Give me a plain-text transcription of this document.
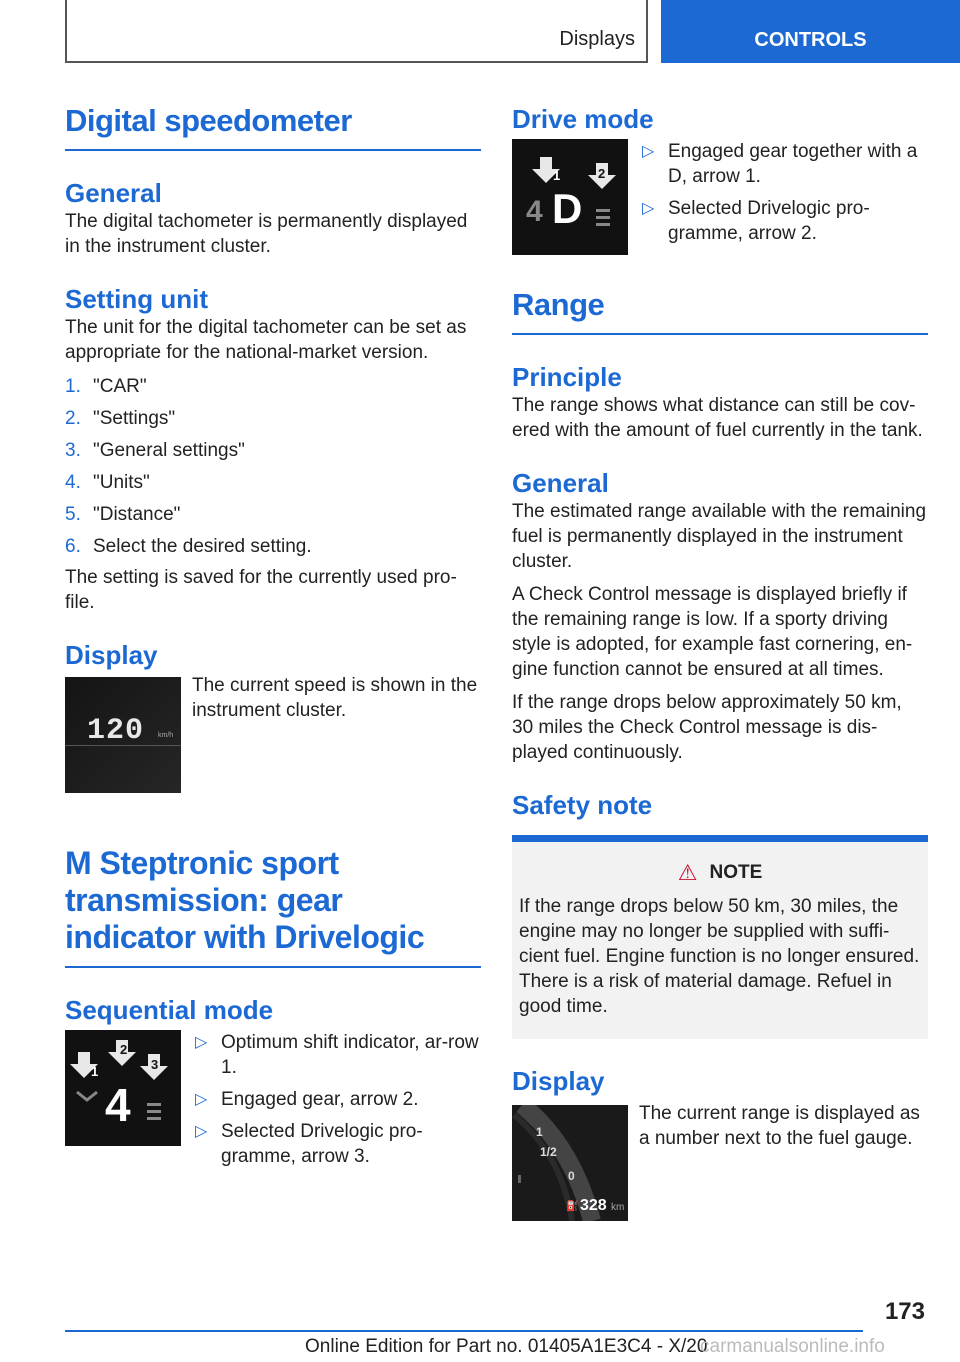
Displays	CONTROLS
Digital speedometer
General

The digital tachometer is permanently displayed in the instrument cluster.

Setting unit

The unit for the digital tachometer can be set as appropriate for the national-market version.

1. "CAR"
2. "Settings"
3. "General settings"
4. "Units"
5. "Distance"
6. Select the desired setting.

The setting is saved for the currently used pro‐file.

Display
120 km/h

The current speed is shown in the instrument cluster.

M Steptronic sport transmission: gear indicator with Drivelogic
Sequential mode
1
2
3
4
▷ Optimum shift indicator, ar‐row 1.
▷ Engaged gear, arrow 2.
▷ Selected Drivelogic pro‐gramme, arrow 3.
Drive mode
1	2
4 D
▷ Engaged gear together with a D, arrow 1.
▷ Selected Drivelogic pro‐gramme, arrow 2.
Range
Principle

The range shows what distance can still be cov‐ered with the amount of fuel currently in the tank.

General

The estimated range available with the remaining fuel is permanently displayed in the instrument cluster.

A Check Control message is displayed briefly if the remaining range is low. If a sporty driving style is adopted, for example fast cornering, en‐gine function cannot be ensured at all times.

If the range drops below approximately 50 km, 30 miles the Check Control message is dis‐played continuously.

Safety note
⚠ NOTE

If the range drops below 50 km, 30 miles, the engine may no longer be supplied with suffi‐cient fuel. Engine function is no longer ensured. There is a risk of material damage. Refuel in good time.

Display
1
1/2
0
⛽ 328 km

The current range is displayed as a number next to the fuel gauge.

173
Online Edition for Part no. 01405A1E3C4 - X/20
carmanualsonline.info
